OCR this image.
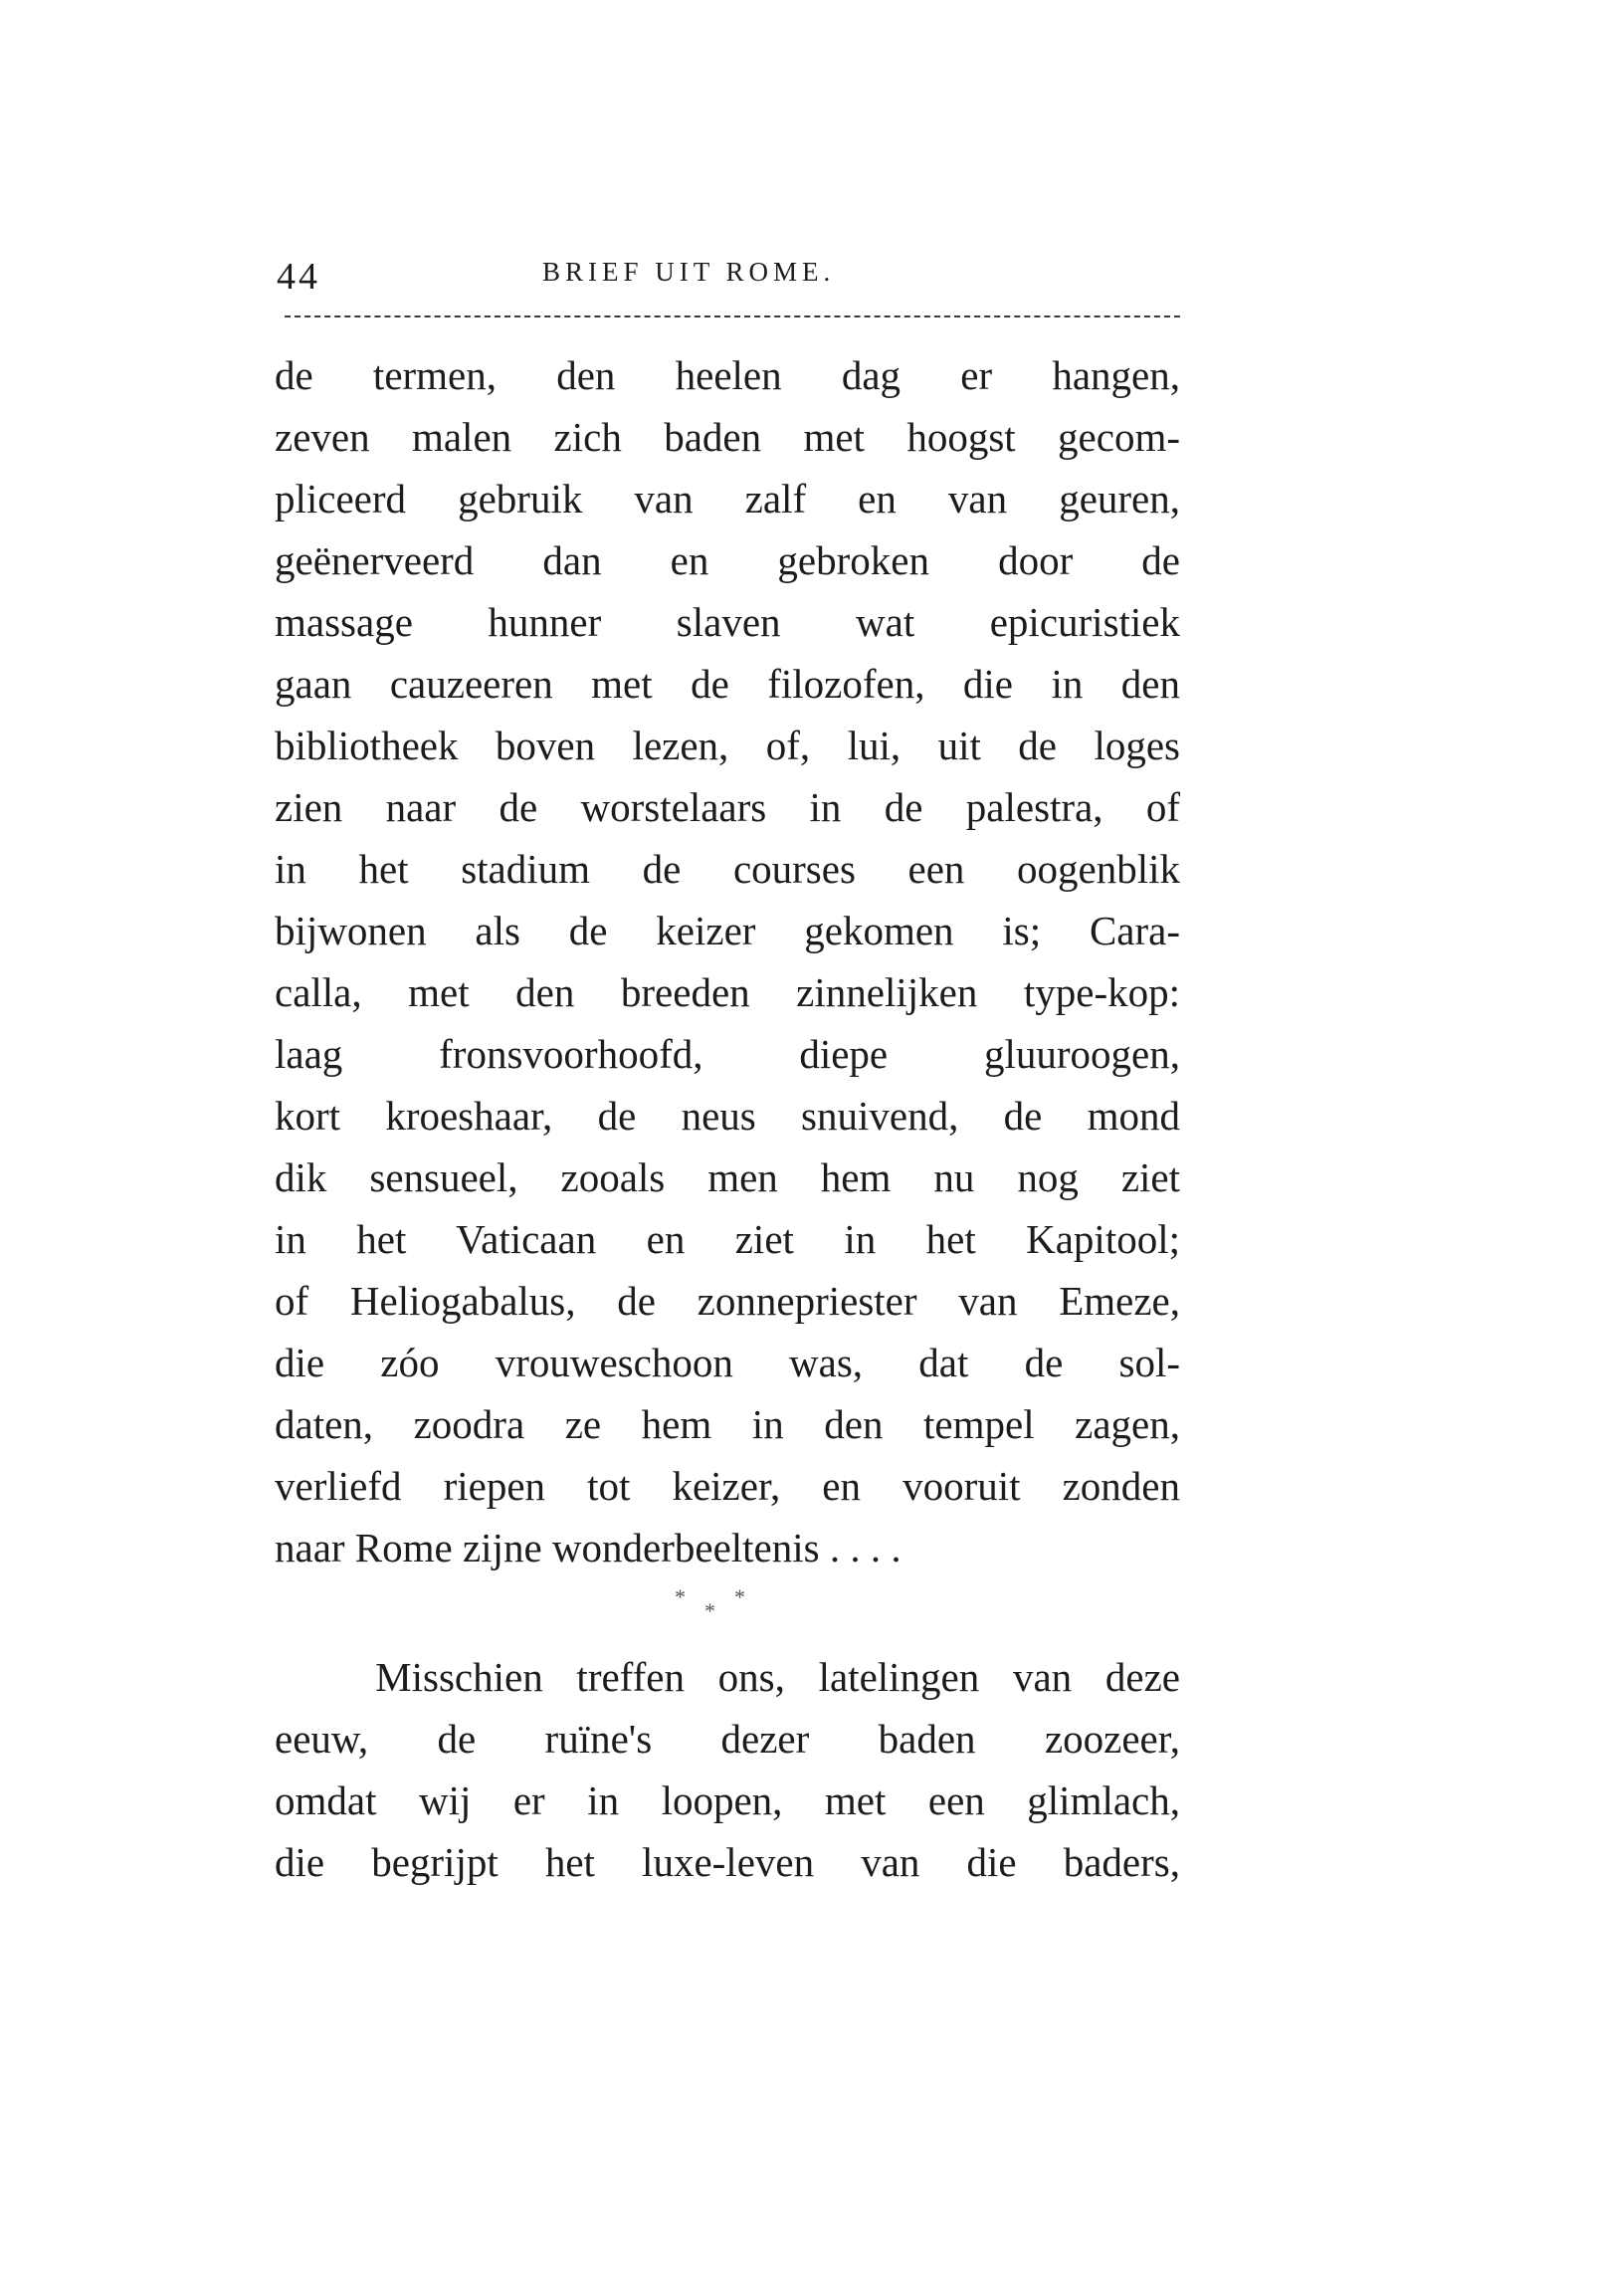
44	BRIEF UIT ROME.
de termen, den heelen dag er hangen,
zeven malen zich baden met hoogst gecom-
pliceerd gebruik van zalf en van geuren,
geënerveerd dan en gebroken door de
massage hunner slaven wat epicuristiek
gaan cauzeeren met de filozofen, die in den
bibliotheek boven lezen, of, lui, uit de loges
zien naar de worstelaars in de palestra, of
in het stadium de courses een oogenblik
bijwonen als de keizer gekomen is; Cara-
calla, met den breeden zinnelijken type-kop:
laag fronsvoorhoofd, diepe gluuroogen,
kort kroeshaar, de neus snuivend, de mond
dik sensueel, zooals men hem nu nog ziet
in het Vaticaan en ziet in het Kapitool;
of Heliogabalus, de zonnepriester van Emeze,
die zóo vrouweschoon was, dat de sol-
daten, zoodra ze hem in den tempel zagen,
verliefd riepen tot keizer, en vooruit zonden
naar Rome zijne wonderbeeltenis . . . .
*
*
*
Misschien treffen ons, latelingen van deze
eeuw, de ruïne's dezer baden zoozeer,
omdat wij er in loopen, met een glimlach,
die begrijpt het luxe-leven van die baders,
